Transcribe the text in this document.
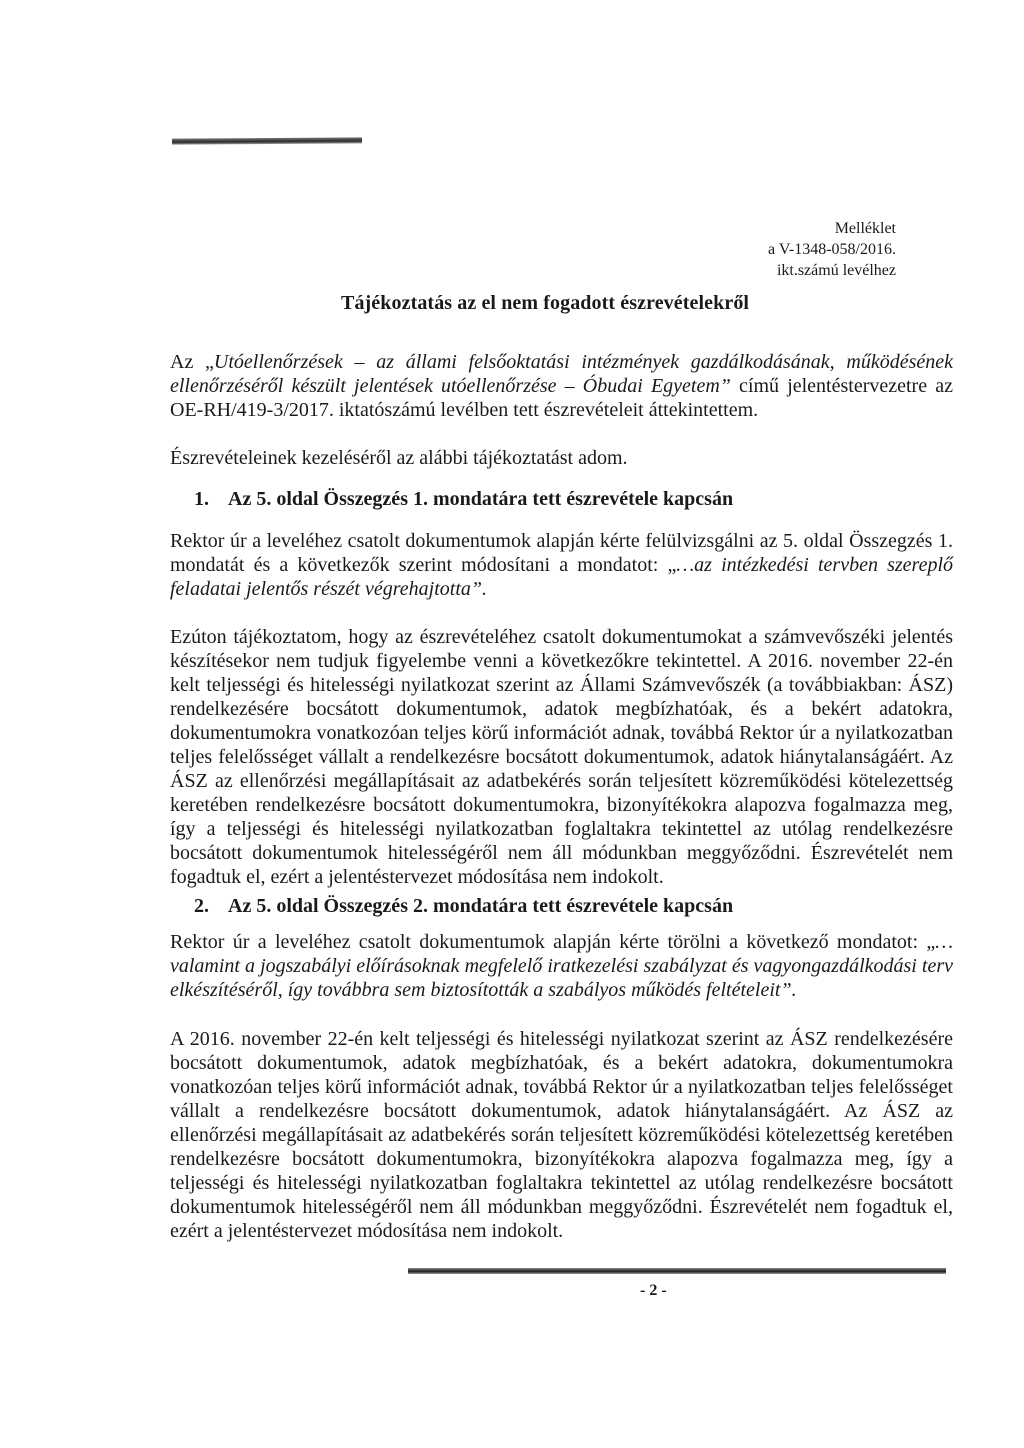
Melléklet
a V-1348-058/2016.
ikt.számú levélhez
Tájékoztatás az el nem fogadott észrevételekről

Az „Utóellenőrzések – az állami felsőoktatási intézmények gazdálkodásának, működésének ellenőrzéséről készült jelentések utóellenőrzése – Óbudai Egyetem” című jelentéstervezetre az OE-RH/419-3/2017. iktatószámú levélben tett észrevételeit áttekintettem.

Észrevételeinek kezeléséről az alábbi tájékoztatást adom.

1. Az 5. oldal Összegzés 1. mondatára tett észrevétele kapcsán

Rektor úr a leveléhez csatolt dokumentumok alapján kérte felülvizsgálni az 5. oldal Összegzés 1. mondatát és a következők szerint módosítani a mondatot: „…az intézkedési tervben szereplő feladatai jelentős részét végrehajtotta”.

Ezúton tájékoztatom, hogy az észrevételéhez csatolt dokumentumokat a számvevőszéki jelentés készítésekor nem tudjuk figyelembe venni a következőkre tekintettel. A 2016. november 22-én kelt teljességi és hitelességi nyilatkozat szerint az Állami Számvevőszék (a továbbiakban: ÁSZ) rendelkezésére bocsátott dokumentumok, adatok megbízhatóak, és a bekért adatokra, dokumentumokra vonatkozóan teljes körű információt adnak, továbbá Rektor úr a nyilatkozatban teljes felelősséget vállalt a rendelkezésre bocsátott dokumentumok, adatok hiánytalanságáért. Az ÁSZ az ellenőrzési megállapításait az adatbekérés során teljesített közreműködési kötelezettség keretében rendelkezésre bocsátott dokumentumokra, bizonyítékokra alapozva fogalmazza meg, így a teljességi és hitelességi nyilatkozatban foglaltakra tekintettel az utólag rendelkezésre bocsátott dokumentumok hitelességéről nem áll módunkban meggyőződni. Észrevételét nem fogadtuk el, ezért a jelentéstervezet módosítása nem indokolt.

2. Az 5. oldal Összegzés 2. mondatára tett észrevétele kapcsán

Rektor úr a leveléhez csatolt dokumentumok alapján kérte törölni a következő mondatot: „…valamint a jogszabályi előírásoknak megfelelő iratkezelési szabályzat és vagyongazdálkodási terv elkészítéséről, így továbbra sem biztosították a szabályos működés feltételeit”.

A 2016. november 22-én kelt teljességi és hitelességi nyilatkozat szerint az ÁSZ rendelkezésére bocsátott dokumentumok, adatok megbízhatóak, és a bekért adatokra, dokumentumokra vonatkozóan teljes körű információt adnak, továbbá Rektor úr a nyilatkozatban teljes felelősséget vállalt a rendelkezésre bocsátott dokumentumok, adatok hiánytalanságáért. Az ÁSZ az ellenőrzési megállapításait az adatbekérés során teljesített közreműködési kötelezettség keretében rendelkezésre bocsátott dokumentumokra, bizonyítékokra alapozva fogalmazza meg, így a teljességi és hitelességi nyilatkozatban foglaltakra tekintettel az utólag rendelkezésre bocsátott dokumentumok hitelességéről nem áll módunkban meggyőződni. Észrevételét nem fogadtuk el, ezért a jelentéstervezet módosítása nem indokolt.

- 2 -
